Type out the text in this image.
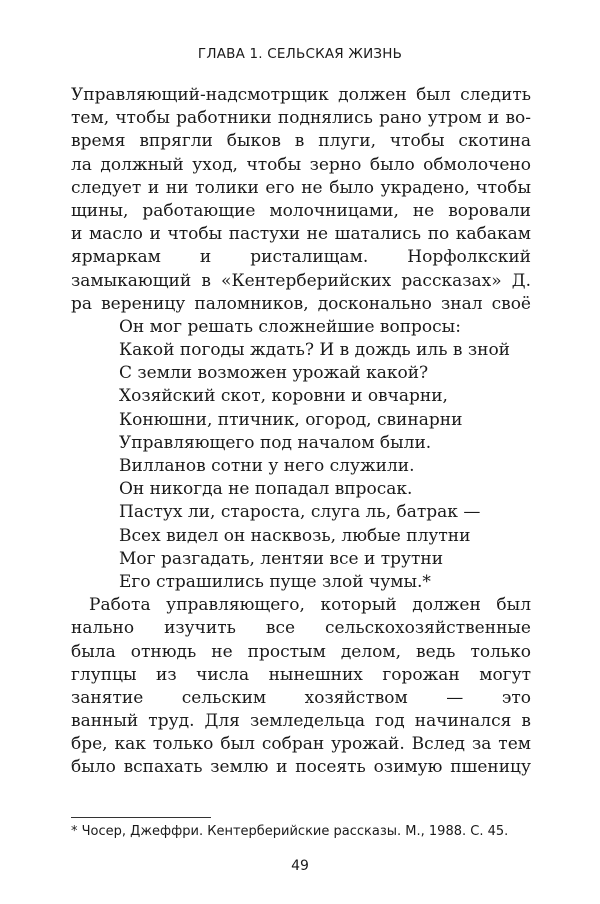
ГЛАВА 1. СЕЛЬСКАЯ ЖИЗНЬ
Управляющий-надсмотрщик должен был следить
тем, чтобы работники поднялись рано утром и во-
время впрягли быков в плуги, чтобы скотина
ла должный уход, чтобы зерно было обмолочено
следует и ни толики его не было украдено, чтобы
щины, работающие молочницами, не воровали
и масло и чтобы пастухи не шатались по кабакам
ярмаркам и ристалищам. Норфолкский
замыкающий в «Кентерберийских рассказах» Д.
ра вереницу паломников, досконально знал своё
Он мог решать сложнейшие вопросы:
Какой погоды ждать? И в дождь иль в зной
С земли возможен урожай какой?
Хозяйский скот, коровни и овчарни,
Конюшни, птичник, огород, свинарни
Управляющего под началом были.
Вилланов сотни у него служили.
Он никогда не попадал впросак.
Пастух ли, староста, слуга ль, батрак —
Всех видел он насквозь, любые плутни
Мог разгадать, лентяи все и трутни
Его страшились пуще злой чумы.*
Работа управляющего, который должен был
нально изучить все сельскохозяйственные
была отнюдь не простым делом, ведь только
глупцы из числа нынешних горожан могут
занятие сельским хозяйством — это
ванный труд. Для земледельца год начинался в
бре, как только был собран урожай. Вслед за тем
было вспахать землю и посеять озимую пшеницу
* Чосер, Джеффри. Кентерберийские рассказы. М., 1988. С. 45.
49
